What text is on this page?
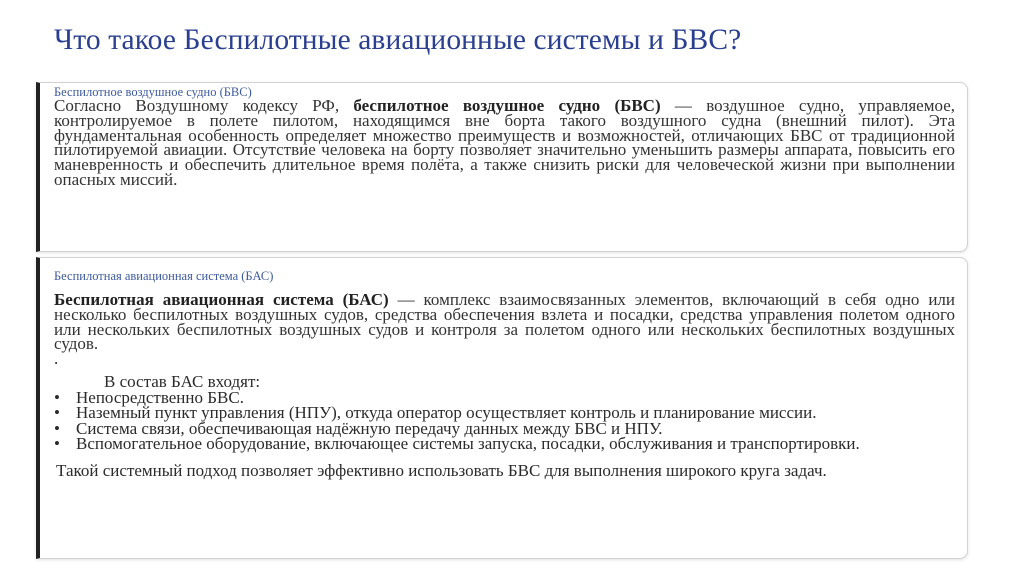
Что такое Беспилотные авиационные системы и БВС?
Беспилотное воздушное судно (БВС)

Согласно Воздушному кодексу РФ, беспилотное воздушное судно (БВС) — воздушное судно, управляемое, контролируемое в полете пилотом, находящимся вне борта такого воздушного судна (внешний пилот). Эта фундаментальная особенность определяет множество преимуществ и возможностей, отличающих БВС от традиционной пилотируемой авиации. Отсутствие человека на борту позволяет значительно уменьшить размеры аппарата, повысить его маневренность и обеспечить длительное время полёта, а также снизить риски для человеческой жизни при выполнении опасных миссий.

Беспилотная авиационная система (БАС)

Беспилотная авиационная система (БАС) — комплекс взаимосвязанных элементов, включающий в себя одно или несколько беспилотных воздушных судов, средства обеспечения взлета и посадки, средства управления полетом одного или нескольких беспилотных воздушных судов и контроля за полетом одного или нескольких беспилотных воздушных судов.

.

В состав БАС входят:

• Непосредственно БВС.
• Наземный пункт управления (НПУ), откуда оператор осуществляет контроль и планирование миссии.
• Система связи, обеспечивающая надёжную передачу данных между БВС и НПУ.
• Вспомогательное оборудование, включающее системы запуска, посадки, обслуживания и транспортировки.
Такой системный подход позволяет эффективно использовать БВС для выполнения широкого круга задач.
